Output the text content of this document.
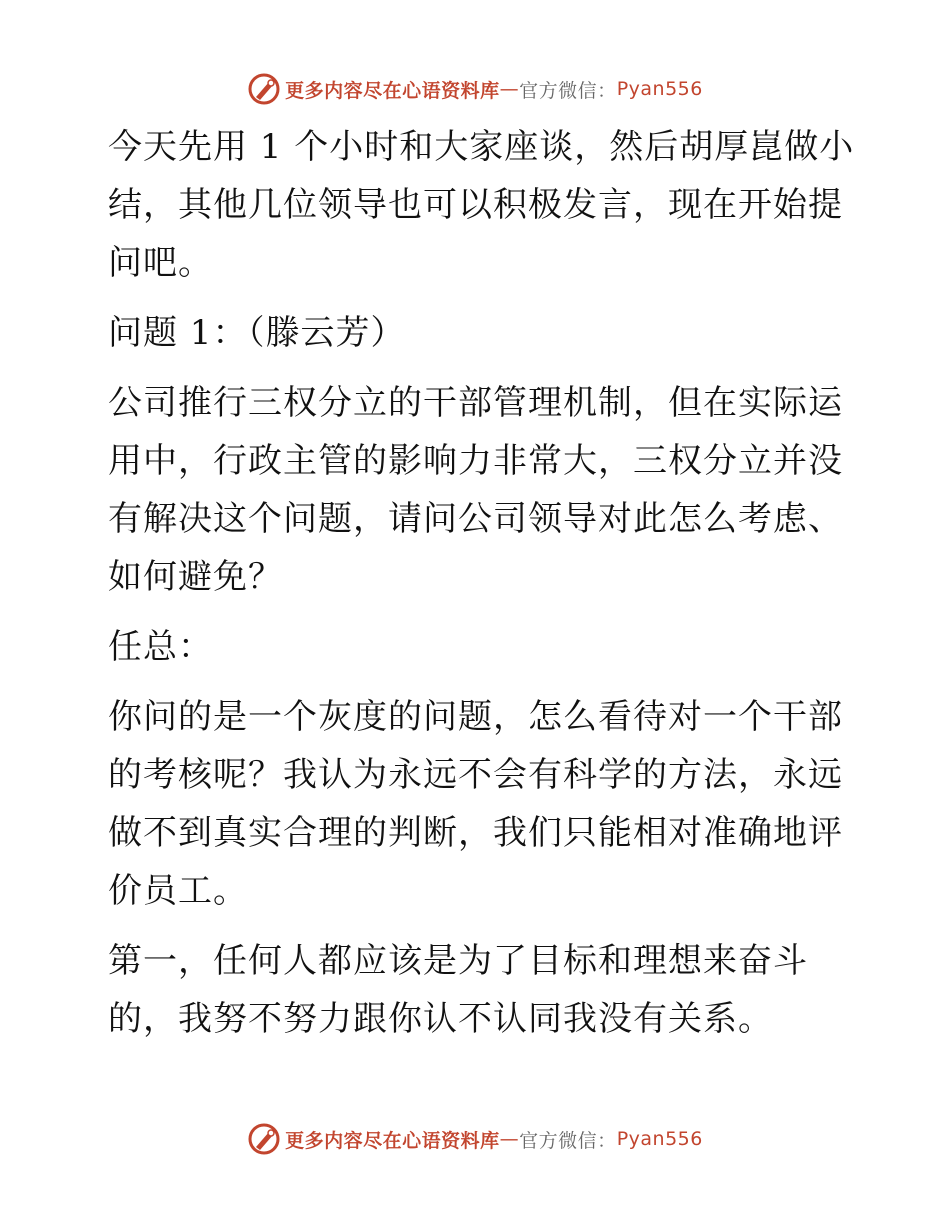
更多内容尽在心语资料库 — 官方微信： Pyan556

今天先用 1 个小时和大家座谈，然后胡厚崑做小结，其他几位领导也可以积极发言，现在开始提问吧。

问题 1：（滕云芳）

公司推行三权分立的干部管理机制，但在实际运用中，行政主管的影响力非常大，三权分立并没有解决这个问题，请问公司领导对此怎么考虑、如何避免？

任总：

你问的是一个灰度的问题，怎么看待对一个干部的考核呢？我认为永远不会有科学的方法，永远做不到真实合理的判断，我们只能相对准确地评价员工。

第一，任何人都应该是为了目标和理想来奋斗的，我努不努力跟你认不认同我没有关系。

更多内容尽在心语资料库 — 官方微信： Pyan556
